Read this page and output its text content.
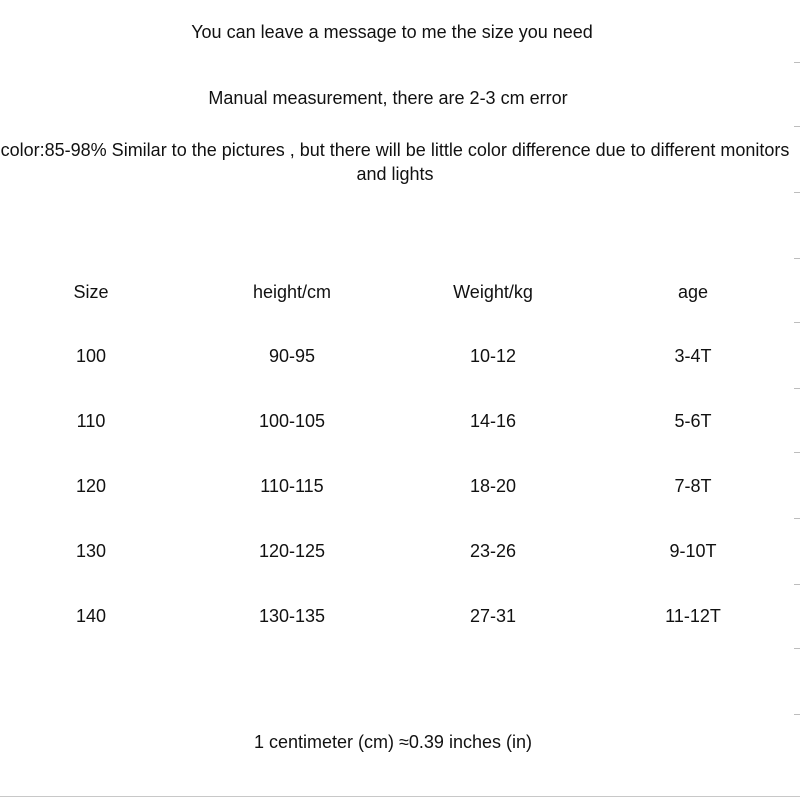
You can leave a message to me the size you need
Manual measurement, there are 2-3 cm error
color:85-98% Similar to the pictures , but there will be little color difference due to different monitors and lights
Size	height/cm	Weight/kg	age
100	90-95	10-12	3-4T
110	100-105	14-16	5-6T
120	110-115	18-20	7-8T
130	120-125	23-26	9-10T
140	130-135	27-31	11-12T
1 centimeter (cm) ≈0.39 inches (in)
